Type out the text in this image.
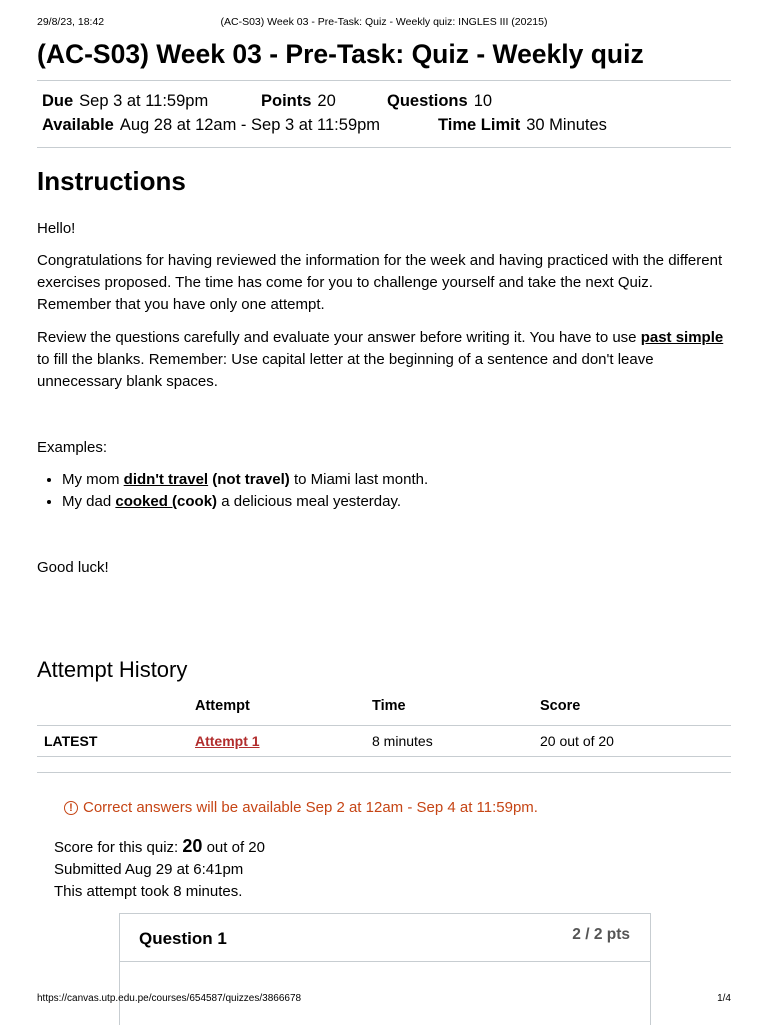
29/8/23, 18:42	(AC-S03) Week 03 - Pre-Task: Quiz - Weekly quiz: INGLES III (20215)
(AC-S03) Week 03 - Pre-Task: Quiz - Weekly quiz
Due Sep 3 at 11:59pm	Points 20	Questions 10
Available Aug 28 at 12am - Sep 3 at 11:59pm	Time Limit 30 Minutes
Instructions

Hello!

Congratulations for having reviewed the information for the week and having practiced with the different exercises proposed. The time has come for you to challenge yourself and take the next Quiz. Remember that you have only one attempt.

Review the questions carefully and evaluate your answer before writing it. You have to use past simple to fill the blanks. Remember: Use capital letter at the beginning of a sentence and don't leave unnecessary blank spaces.

Examples:

• My mom didn't travel (not travel) to Miami last month.
• My dad cooked (cook) a delicious meal yesterday.

Good luck!

Attempt History
	Attempt	Time	Score
LATEST	Attempt 1	8 minutes	20 out of 20
! Correct answers will be available Sep 2 at 12am - Sep 4 at 11:59pm.
Score for this quiz: 20 out of 20
Submitted Aug 29 at 6:41pm
This attempt took 8 minutes.
Question 1	2 / 2 pts
https://canvas.utp.edu.pe/courses/654587/quizzes/3866678	1/4
